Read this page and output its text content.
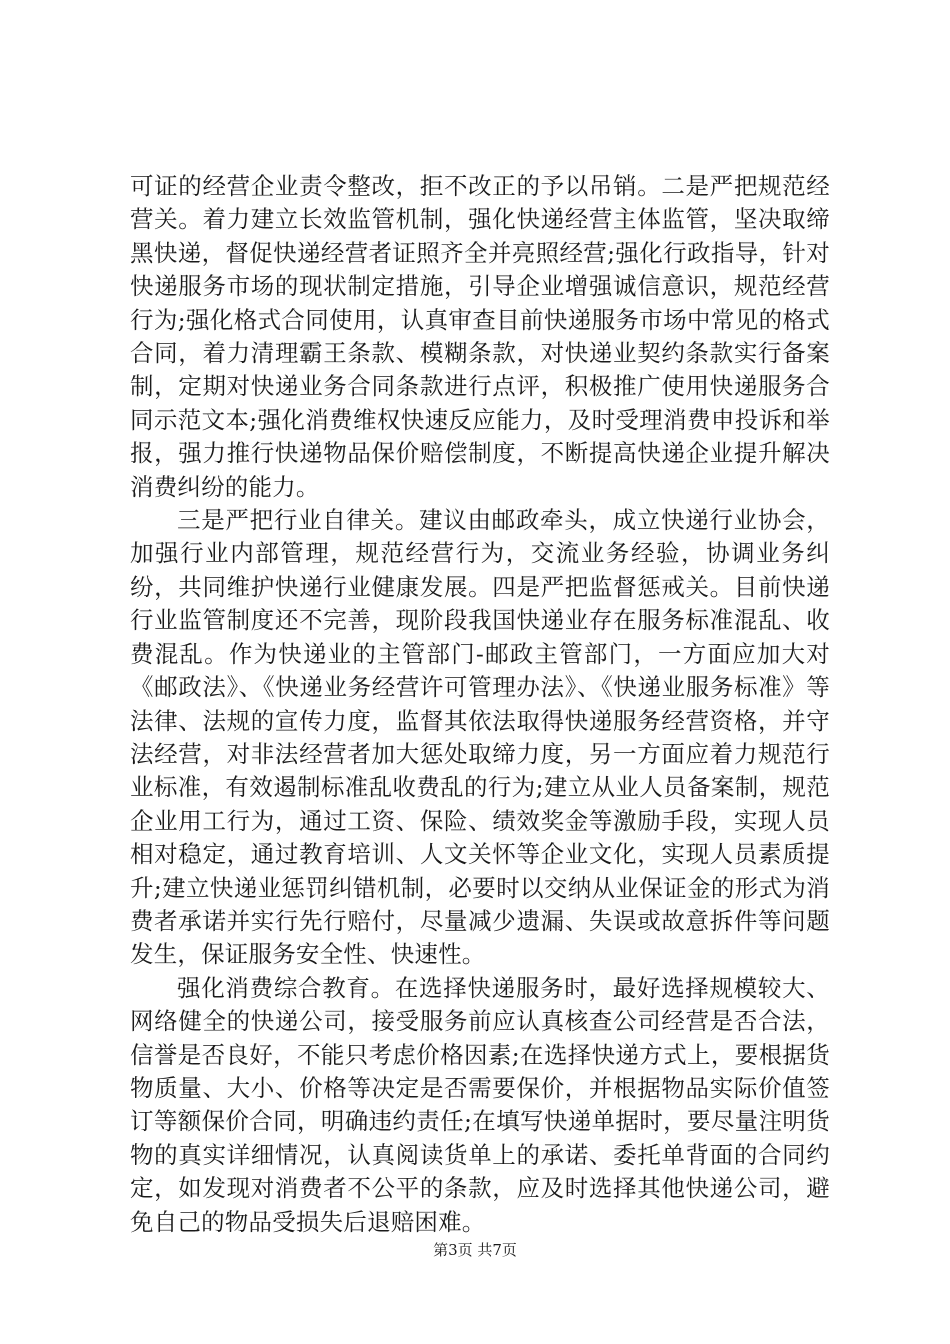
可证的经营企业责令整改，拒不改正的予以吊销。二是严把规范经营关。着力建立长效监管机制，强化快递经营主体监管，坚决取缔黑快递，督促快递经营者证照齐全并亮照经营;强化行政指导，针对快递服务市场的现状制定措施，引导企业增强诚信意识，规范经营行为;强化格式合同使用，认真审查目前快递服务市场中常见的格式合同，着力清理霸王条款、模糊条款，对快递业契约条款实行备案制，定期对快递业务合同条款进行点评，积极推广使用快递服务合同示范文本;强化消费维权快速反应能力，及时受理消费申投诉和举报，强力推行快递物品保价赔偿制度，不断提高快递企业提升解决消费纠纷的能力。

三是严把行业自律关。建议由邮政牵头，成立快递行业协会，加强行业内部管理，规范经营行为，交流业务经验，协调业务纠纷，共同维护快递行业健康发展。四是严把监督惩戒关。目前快递行业监管制度还不完善，现阶段我国快递业存在服务标准混乱、收费混乱。作为快递业的主管部门-邮政主管部门，一方面应加大对《邮政法》、《快递业务经营许可管理办法》、《快递业服务标准》等法律、法规的宣传力度，监督其依法取得快递服务经营资格，并守法经营，对非法经营者加大惩处取缔力度，另一方面应着力规范行业标准，有效遏制标准乱收费乱的行为;建立从业人员备案制，规范企业用工行为，通过工资、保险、绩效奖金等激励手段，实现人员相对稳定，通过教育培训、人文关怀等企业文化，实现人员素质提升;建立快递业惩罚纠错机制，必要时以交纳从业保证金的形式为消费者承诺并实行先行赔付，尽量减少遗漏、失误或故意拆件等问题发生，保证服务安全性、快速性。

强化消费综合教育。在选择快递服务时，最好选择规模较大、网络健全的快递公司，接受服务前应认真核查公司经营是否合法，信誉是否良好，不能只考虑价格因素;在选择快递方式上，要根据货物质量、大小、价格等决定是否需要保价，并根据物品实际价值签订等额保价合同，明确违约责任;在填写快递单据时，要尽量注明货物的真实详细情况，认真阅读货单上的承诺、委托单背面的合同约定，如发现对消费者不公平的条款，应及时选择其他快递公司，避免自己的物品受损失后退赔困难。

第3页 共7页
